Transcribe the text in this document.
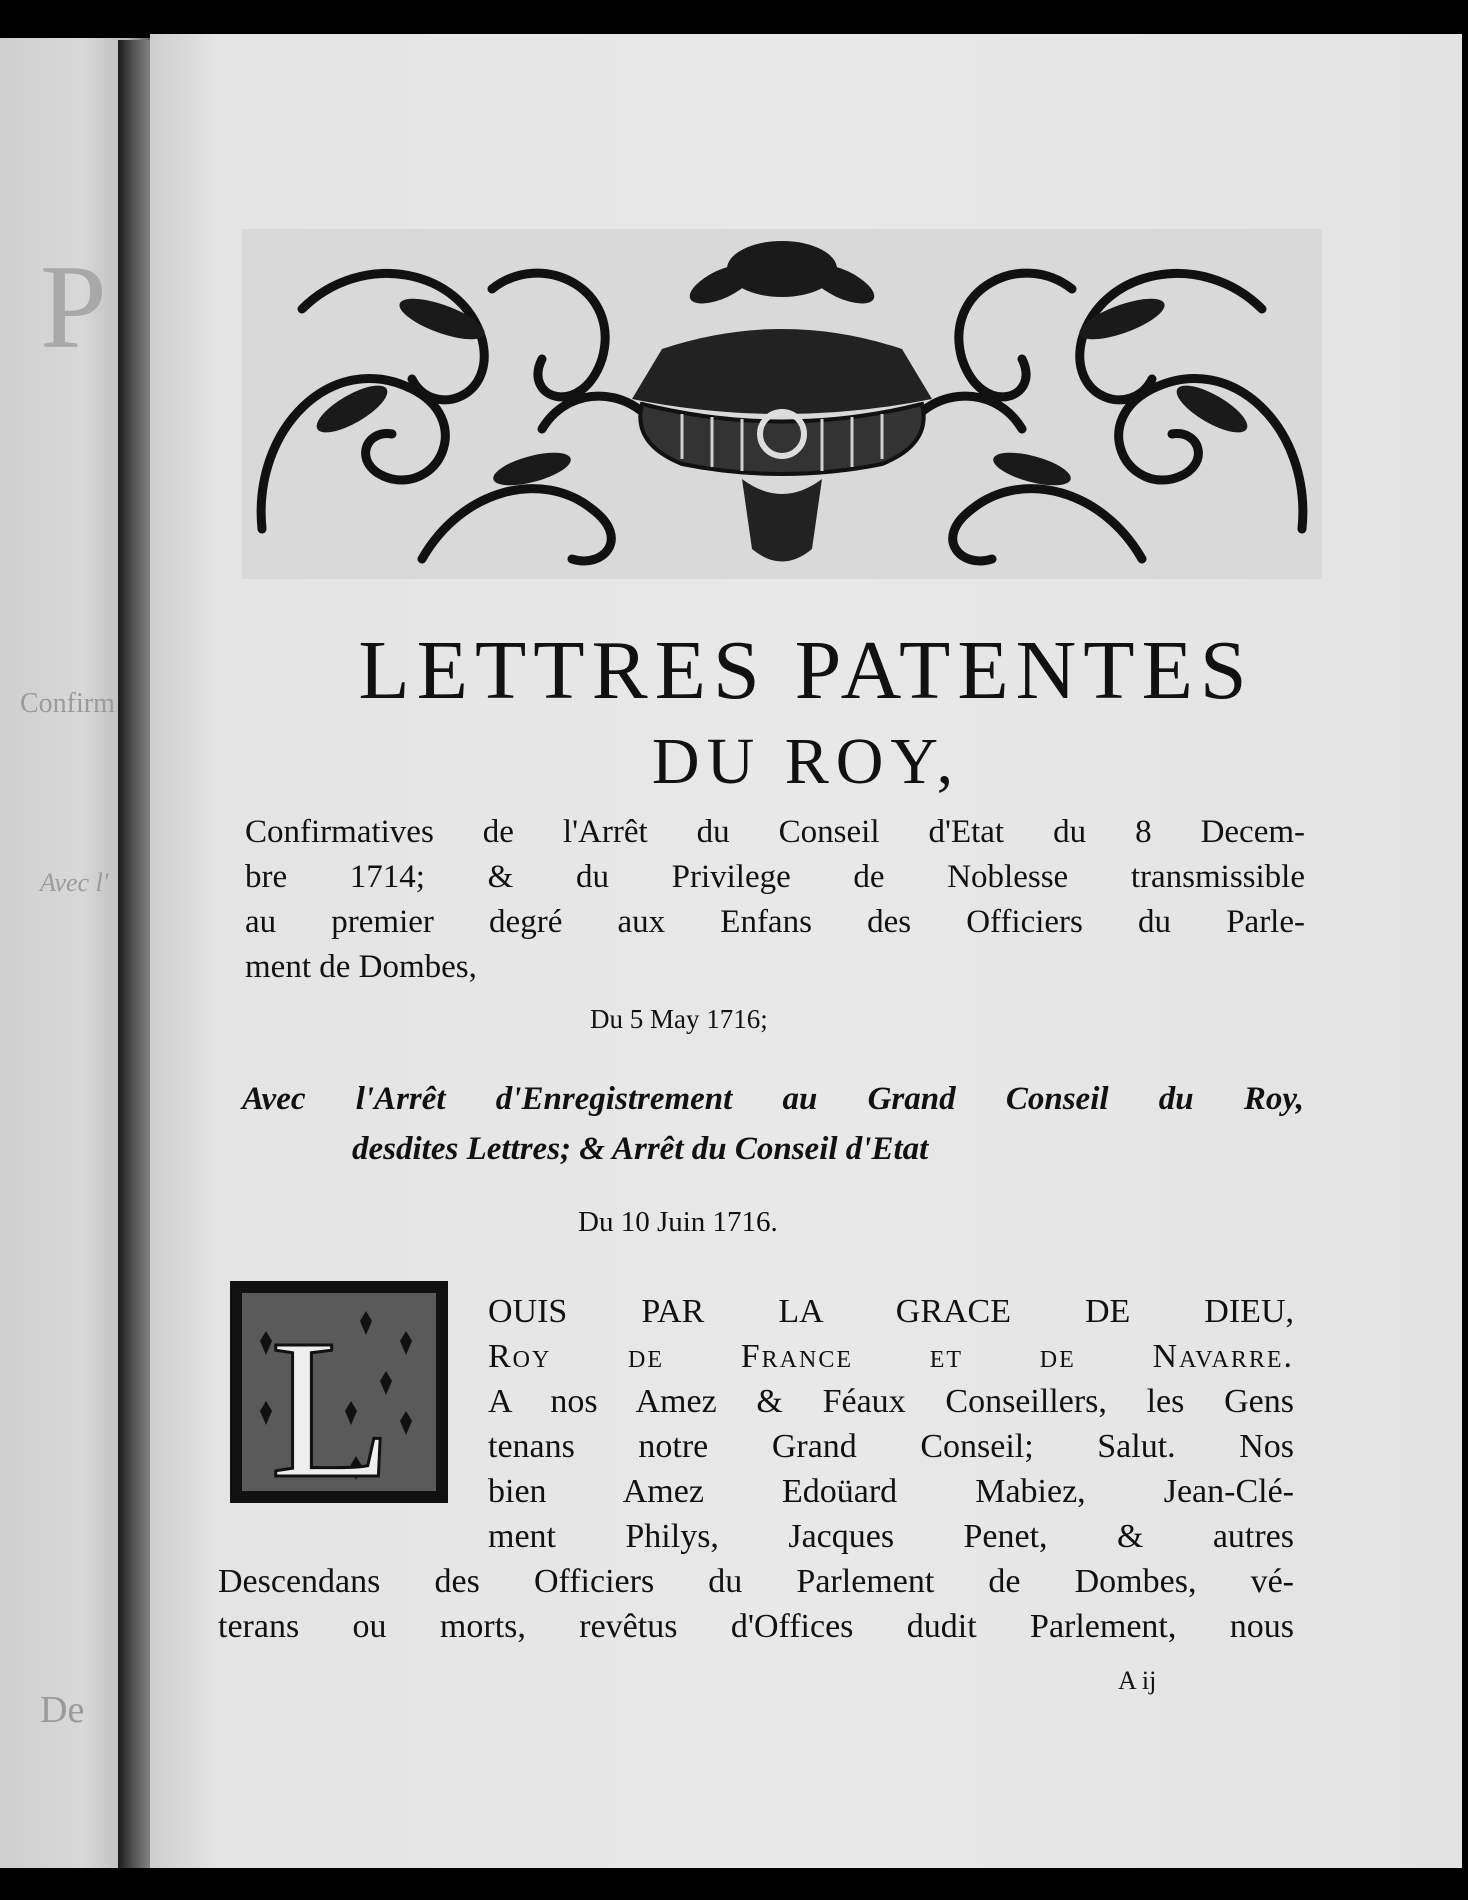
P
Confirm
Avec l'
De
LETTRES PATENTES
DU ROY,
Confirmatives de l'Arrêt du Conseil d'Etat du 8 Decem-
bre 1714; & du Privilege de Noblesse transmissible
au premier degré aux Enfans des Officiers du Parle-
ment de Dombes,
Du 5 May 1716;
Avec l'Arrêt d'Enregistrement au Grand Conseil du Roy,
desdites Lettres; & Arrêt du Conseil d'Etat
Du 10 Juin 1716.
L	OUIS PAR LA GRACE DE DIEU,
Roy de France et de Navarre.
A nos Amez & Féaux Conseillers, les Gens
tenans notre Grand Conseil; Salut. Nos
bien Amez Edoüard Mabiez, Jean-Clé-
ment Philys, Jacques Penet, & autres
Descendans des Officiers du Parlement de Dombes, vé-
terans ou morts, revêtus d'Offices dudit Parlement, nous
A ij
